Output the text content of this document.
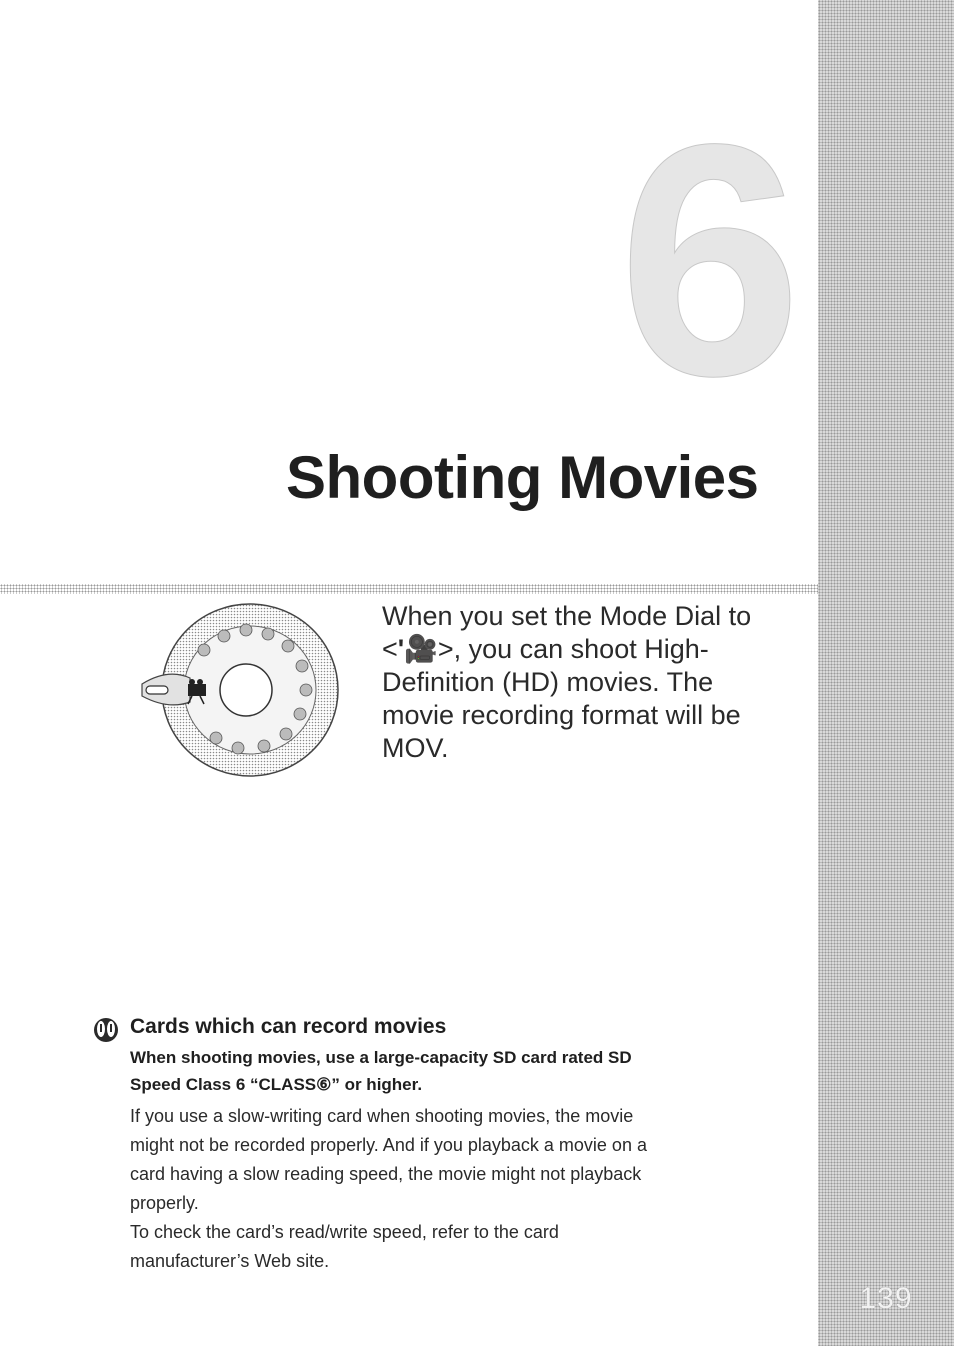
6
Shooting Movies

When you set the Mode Dial to
<'🎥>, you can shoot High-
Definition (HD) movies. The
movie recording format will be
MOV.

Cards which can record movies

When shooting movies, use a large-capacity SD card rated SD
Speed Class 6 “CLASS⑥” or higher.

If you use a slow-writing card when shooting movies, the movie
might not be recorded properly. And if you playback a movie on a
card having a slow reading speed, the movie might not playback
properly.
To check the card’s read/write speed, refer to the card
manufacturer’s Web site.

139
